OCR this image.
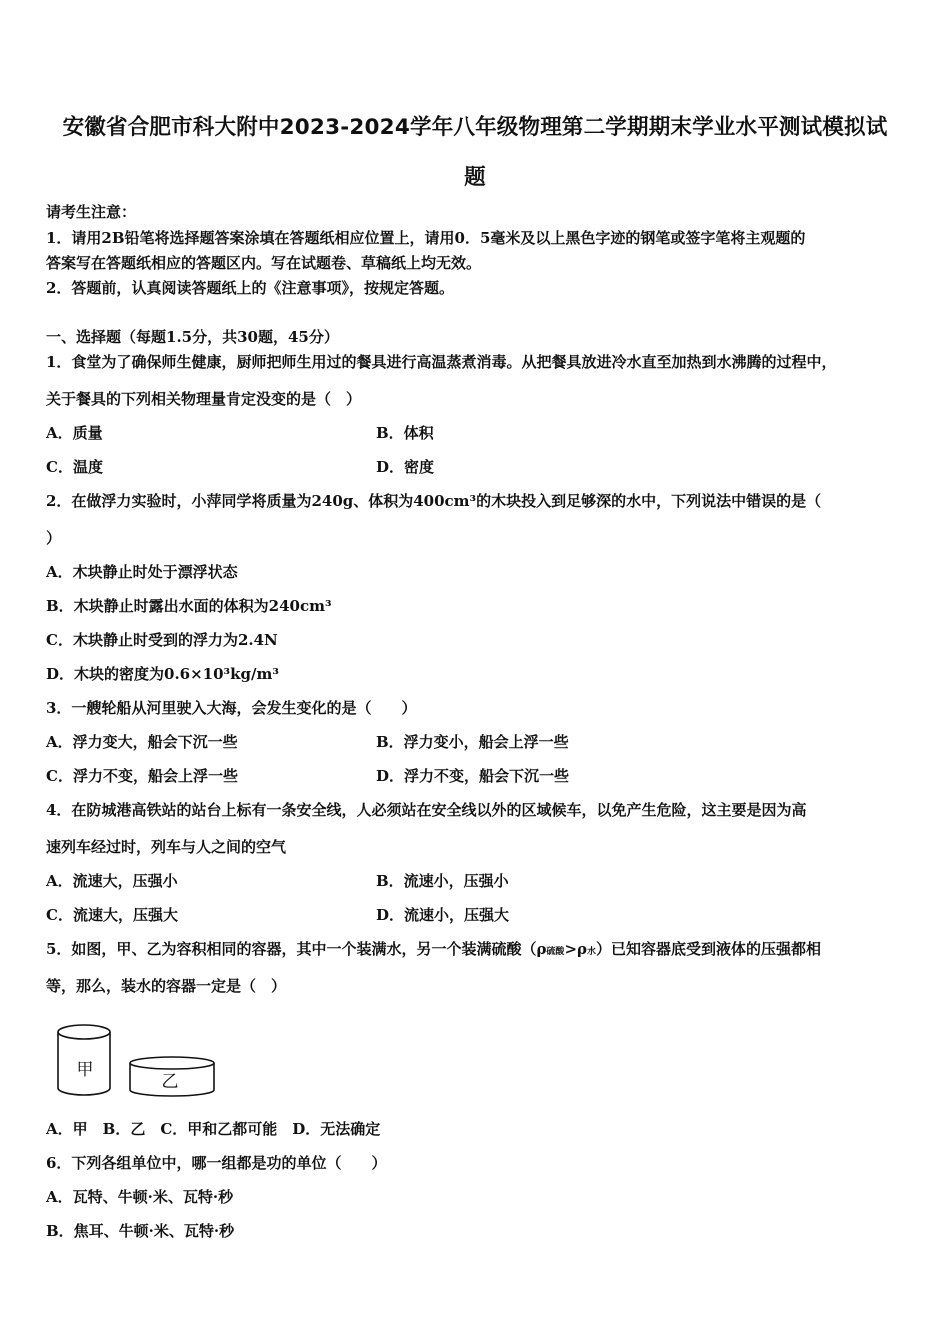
安徽省合肥市科大附中2023-2024学年八年级物理第二学期期末学业水平测试模拟试
题
请考生注意：
1．请用2B铅笔将选择题答案涂填在答题纸相应位置上，请用0．5毫米及以上黑色字迹的钢笔或签字笔将主观题的
答案写在答题纸相应的答题区内。写在试题卷、草稿纸上均无效。
2．答题前，认真阅读答题纸上的《注意事项》，按规定答题。
一、选择题（每题1.5分，共30题，45分）
1．食堂为了确保师生健康，厨师把师生用过的餐具进行高温蒸煮消毒。从把餐具放进冷水直至加热到水沸腾的过程中，
关于餐具的下列相关物理量肯定没变的是（　）
A．质量	B．体积
C．温度	D．密度
2．在做浮力实验时，小萍同学将质量为240g、体积为400cm³的木块投入到足够深的水中，下列说法中错误的是（
）
A．木块静止时处于漂浮状态
B．木块静止时露出水面的体积为240cm³
C．木块静止时受到的浮力为2.4N
D．木块的密度为0.6×10³kg/m³
3．一艘轮船从河里驶入大海，会发生变化的是（　　）
A．浮力变大，船会下沉一些	B．浮力变小，船会上浮一些
C．浮力不变，船会上浮一些	D．浮力不变，船会下沉一些
4．在防城港高铁站的站台上标有一条安全线，人必须站在安全线以外的区域候车，以免产生危险，这主要是因为高
速列车经过时，列车与人之间的空气
A．流速大，压强小	B．流速小，压强小
C．流速大，压强大	D．流速小，压强大
5．如图，甲、乙为容积相同的容器，其中一个装满水，另一个装满硫酸（ρ硫酸>ρ水）已知容器底受到液体的压强都相
等，那么，装水的容器一定是（　）
甲
乙
A．甲　B．乙　C．甲和乙都可能　D．无法确定
6．下列各组单位中，哪一组都是功的单位（　　）
A．瓦特、牛顿·米、瓦特·秒
B．焦耳、牛顿·米、瓦特·秒
